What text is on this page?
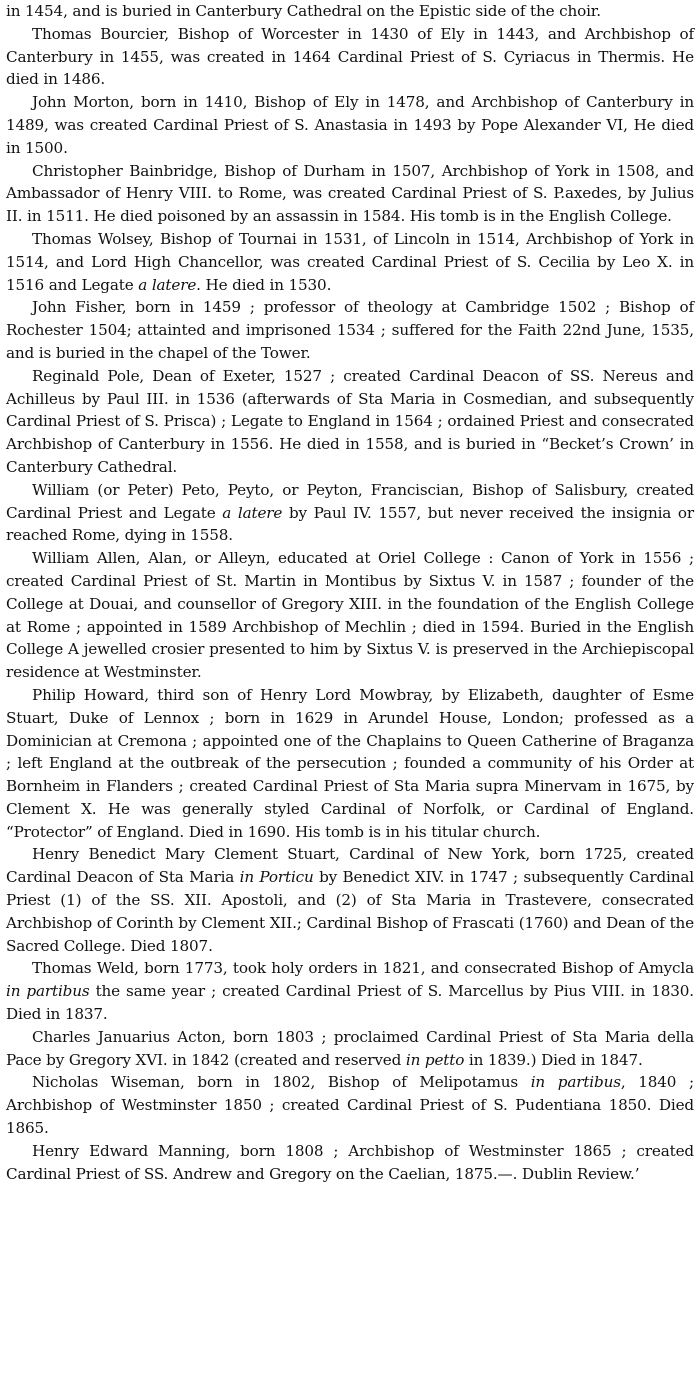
in 1454, and is buried in Canterbury Cathedral on the Epistic side of the choir.

Thomas Bourcier, Bishop of Worcester in 1430 of Ely in 1443, and Archbishop of Canterbury in 1455, was created in 1464 Cardinal Priest of S. Cyriacus in Thermis. He died in 1486.

John Morton, born in 1410, Bishop of Ely in 1478, and Archbishop of Canterbury in 1489, was created Cardinal Priest of S. Anastasia in 1493 by Pope Alexander VI, He died in 1500.

Christopher Bainbridge, Bishop of Durham in 1507, Archbishop of York in 1508, and Ambassador of Henry VIII. to Rome, was created Cardinal Priest of S. P.axedes, by Julius II. in 1511. He died poisoned by an assassin in 1584. His tomb is in the English College.

Thomas Wolsey, Bishop of Tournai in 1531, of Lincoln in 1514, Archbishop of York in 1514, and Lord High Chancellor, was created Cardinal Priest of S. Cecilia by Leo X. in 1516 and Legate a latere. He died in 1530.

John Fisher, born in 1459 ; professor of theology at Cambridge 1502 ; Bishop of Rochester 1504; attainted and imprisoned 1534 ; suffered for the Faith 22nd June, 1535, and is buried in the chapel of the Tower.

Reginald Pole, Dean of Exeter, 1527 ; created Cardinal Deacon of SS. Nereus and Achilleus by Paul III. in 1536 (afterwards of Sta Maria in Cosmedian, and subsequently Cardinal Priest of S. Prisca) ; Legate to England in 1564 ; ordained Priest and consecrated Archbishop of Canterbury in 1556. He died in 1558, and is buried in “Becket’s Crown’ in Canterbury Cathedral.

William (or Peter) Peto, Peyto, or Peyton, Franciscian, Bishop of Salisbury, created Cardinal Priest and Legate a latere by Paul IV. 1557, but never received the insignia or reached Rome, dying in 1558.

William Allen, Alan, or Alleyn, educated at Oriel College : Canon of York in 1556 ; created Cardinal Priest of St. Martin in Montibus by Sixtus V. in 1587 ; founder of the College at Douai, and counsellor of Gregory XIII. in the foundation of the English College at Rome ; appointed in 1589 Archbishop of Mechlin ; died in 1594. Buried in the English College A jewelled crosier presented to him by Sixtus V. is preserved in the Archiepiscopal residence at Westminster.

Philip Howard, third son of Henry Lord Mowbray, by Elizabeth, daughter of Esme Stuart, Duke of Lennox ; born in 1629 in Arundel House, London; professed as a Dominician at Cremona ; appointed one of the Chaplains to Queen Catherine of Braganza ; left England at the outbreak of the persecution ; founded a community of his Order at Bornheim in Flanders ; created Cardinal Priest of Sta Maria supra Minervam in 1675, by Clement X. He was generally styled Cardinal of Norfolk, or Cardinal of England. “Protector” of England. Died in 1690. His tomb is in his titular church.

Henry Benedict Mary Clement Stuart, Cardinal of New York, born 1725, created Cardinal Deacon of Sta Maria in Porticu by Benedict XIV. in 1747 ; subsequently Cardinal Priest (1) of the SS. XII. Apostoli, and (2) of Sta Maria in Trastevere, consecrated Archbishop of Corinth by Clement XII.; Cardinal Bishop of Frascati (1760) and Dean of the Sacred College. Died 1807.

Thomas Weld, born 1773, took holy orders in 1821, and consecrated Bishop of Amycla in partibus the same year ; created Cardinal Priest of S. Marcellus by Pius VIII. in 1830. Died in 1837.

Charles Januarius Acton, born 1803 ; proclaimed Cardinal Priest of Sta Maria della Pace by Gregory XVI. in 1842 (created and reserved in petto in 1839.) Died in 1847.

Nicholas Wiseman, born in 1802, Bishop of Melipotamus in partibus, 1840 ; Archbishop of Westminster 1850 ; created Cardinal Priest of S. Pudentiana 1850. Died 1865.

Henry Edward Manning, born 1808 ; Archbishop of Westminster 1865 ; created Cardinal Priest of SS. Andrew and Gregory on the Caelian, 1875.—. Dublin Review.’
